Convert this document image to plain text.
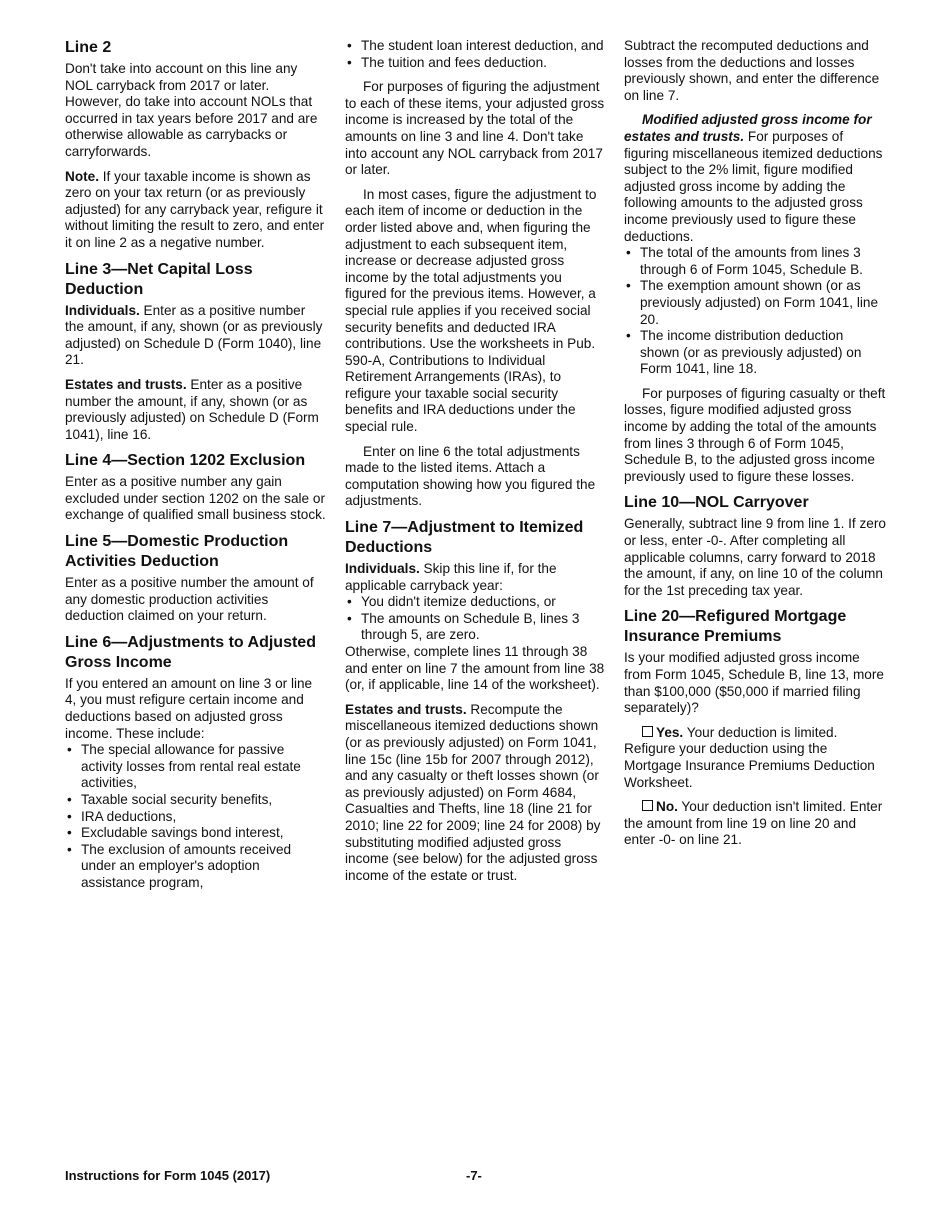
Line 2

Don't take into account on this line any NOL carryback from 2017 or later. However, do take into account NOLs that occurred in tax years before 2017 and are otherwise allowable as carrybacks or carryforwards.

Note. If your taxable income is shown as zero on your tax return (or as previously adjusted) for any carryback year, refigure it without limiting the result to zero, and enter it on line 2 as a negative number.

Line 3—Net Capital Loss Deduction

Individuals. Enter as a positive number the amount, if any, shown (or as previously adjusted) on Schedule D (Form 1040), line 21.

Estates and trusts. Enter as a positive number the amount, if any, shown (or as previously adjusted) on Schedule D (Form 1041), line 16.

Line 4—Section 1202 Exclusion

Enter as a positive number any gain excluded under section 1202 on the sale or exchange of qualified small business stock.

Line 5—Domestic Production Activities Deduction

Enter as a positive number the amount of any domestic production activities deduction claimed on your return.

Line 6—Adjustments to Adjusted Gross Income

If you entered an amount on line 3 or line 4, you must refigure certain income and deductions based on adjusted gross income. These include:

• The special allowance for passive activity losses from rental real estate activities,
• Taxable social security benefits,
• IRA deductions,
• Excludable savings bond interest,
• The exclusion of amounts received under an employer's adoption assistance program,
• The student loan interest deduction, and
• The tuition and fees deduction.

For purposes of figuring the adjustment to each of these items, your adjusted gross income is increased by the total of the amounts on line 3 and line 4. Don't take into account any NOL carryback from 2017 or later.

In most cases, figure the adjustment to each item of income or deduction in the order listed above and, when figuring the adjustment to each subsequent item, increase or decrease adjusted gross income by the total adjustments you figured for the previous items. However, a special rule applies if you received social security benefits and deducted IRA contributions. Use the worksheets in Pub. 590-A, Contributions to Individual Retirement Arrangements (IRAs), to refigure your taxable social security benefits and IRA deductions under the special rule.

Enter on line 6 the total adjustments made to the listed items. Attach a computation showing how you figured the adjustments.

Line 7—Adjustment to Itemized Deductions

Individuals. Skip this line if, for the applicable carryback year:

• You didn't itemize deductions, or
• The amounts on Schedule B, lines 3 through 5, are zero.

Otherwise, complete lines 11 through 38 and enter on line 7 the amount from line 38 (or, if applicable, line 14 of the worksheet).

Estates and trusts. Recompute the miscellaneous itemized deductions shown (or as previously adjusted) on Form 1041, line 15c (line 15b for 2007 through 2012), and any casualty or theft losses shown (or as previously adjusted) on Form 4684, Casualties and Thefts, line 18 (line 21 for 2010; line 22 for 2009; line 24 for 2008) by substituting modified adjusted gross income (see below) for the adjusted gross income of the estate or trust.

Subtract the recomputed deductions and losses from the deductions and losses previously shown, and enter the difference on line 7.

Modified adjusted gross income for estates and trusts. For purposes of figuring miscellaneous itemized deductions subject to the 2% limit, figure modified adjusted gross income by adding the following amounts to the adjusted gross income previously used to figure these deductions.

• The total of the amounts from lines 3 through 6 of Form 1045, Schedule B.
• The exemption amount shown (or as previously adjusted) on Form 1041, line 20.
• The income distribution deduction shown (or as previously adjusted) on Form 1041, line 18.

For purposes of figuring casualty or theft losses, figure modified adjusted gross income by adding the total of the amounts from lines 3 through 6 of Form 1045, Schedule B, to the adjusted gross income previously used to figure these losses.

Line 10—NOL Carryover

Generally, subtract line 9 from line 1. If zero or less, enter -0-. After completing all applicable columns, carry forward to 2018 the amount, if any, on line 10 of the column for the 1st preceding tax year.

Line 20—Refigured Mortgage Insurance Premiums

Is your modified adjusted gross income from Form 1045, Schedule B, line 13, more than $100,000 ($50,000 if married filing separately)?

Yes. Your deduction is limited. Refigure your deduction using the Mortgage Insurance Premiums Deduction Worksheet.

No. Your deduction isn't limited. Enter the amount from line 19 on line 20 and enter -0- on line 21.

Instructions for Form 1045 (2017)	-7-
